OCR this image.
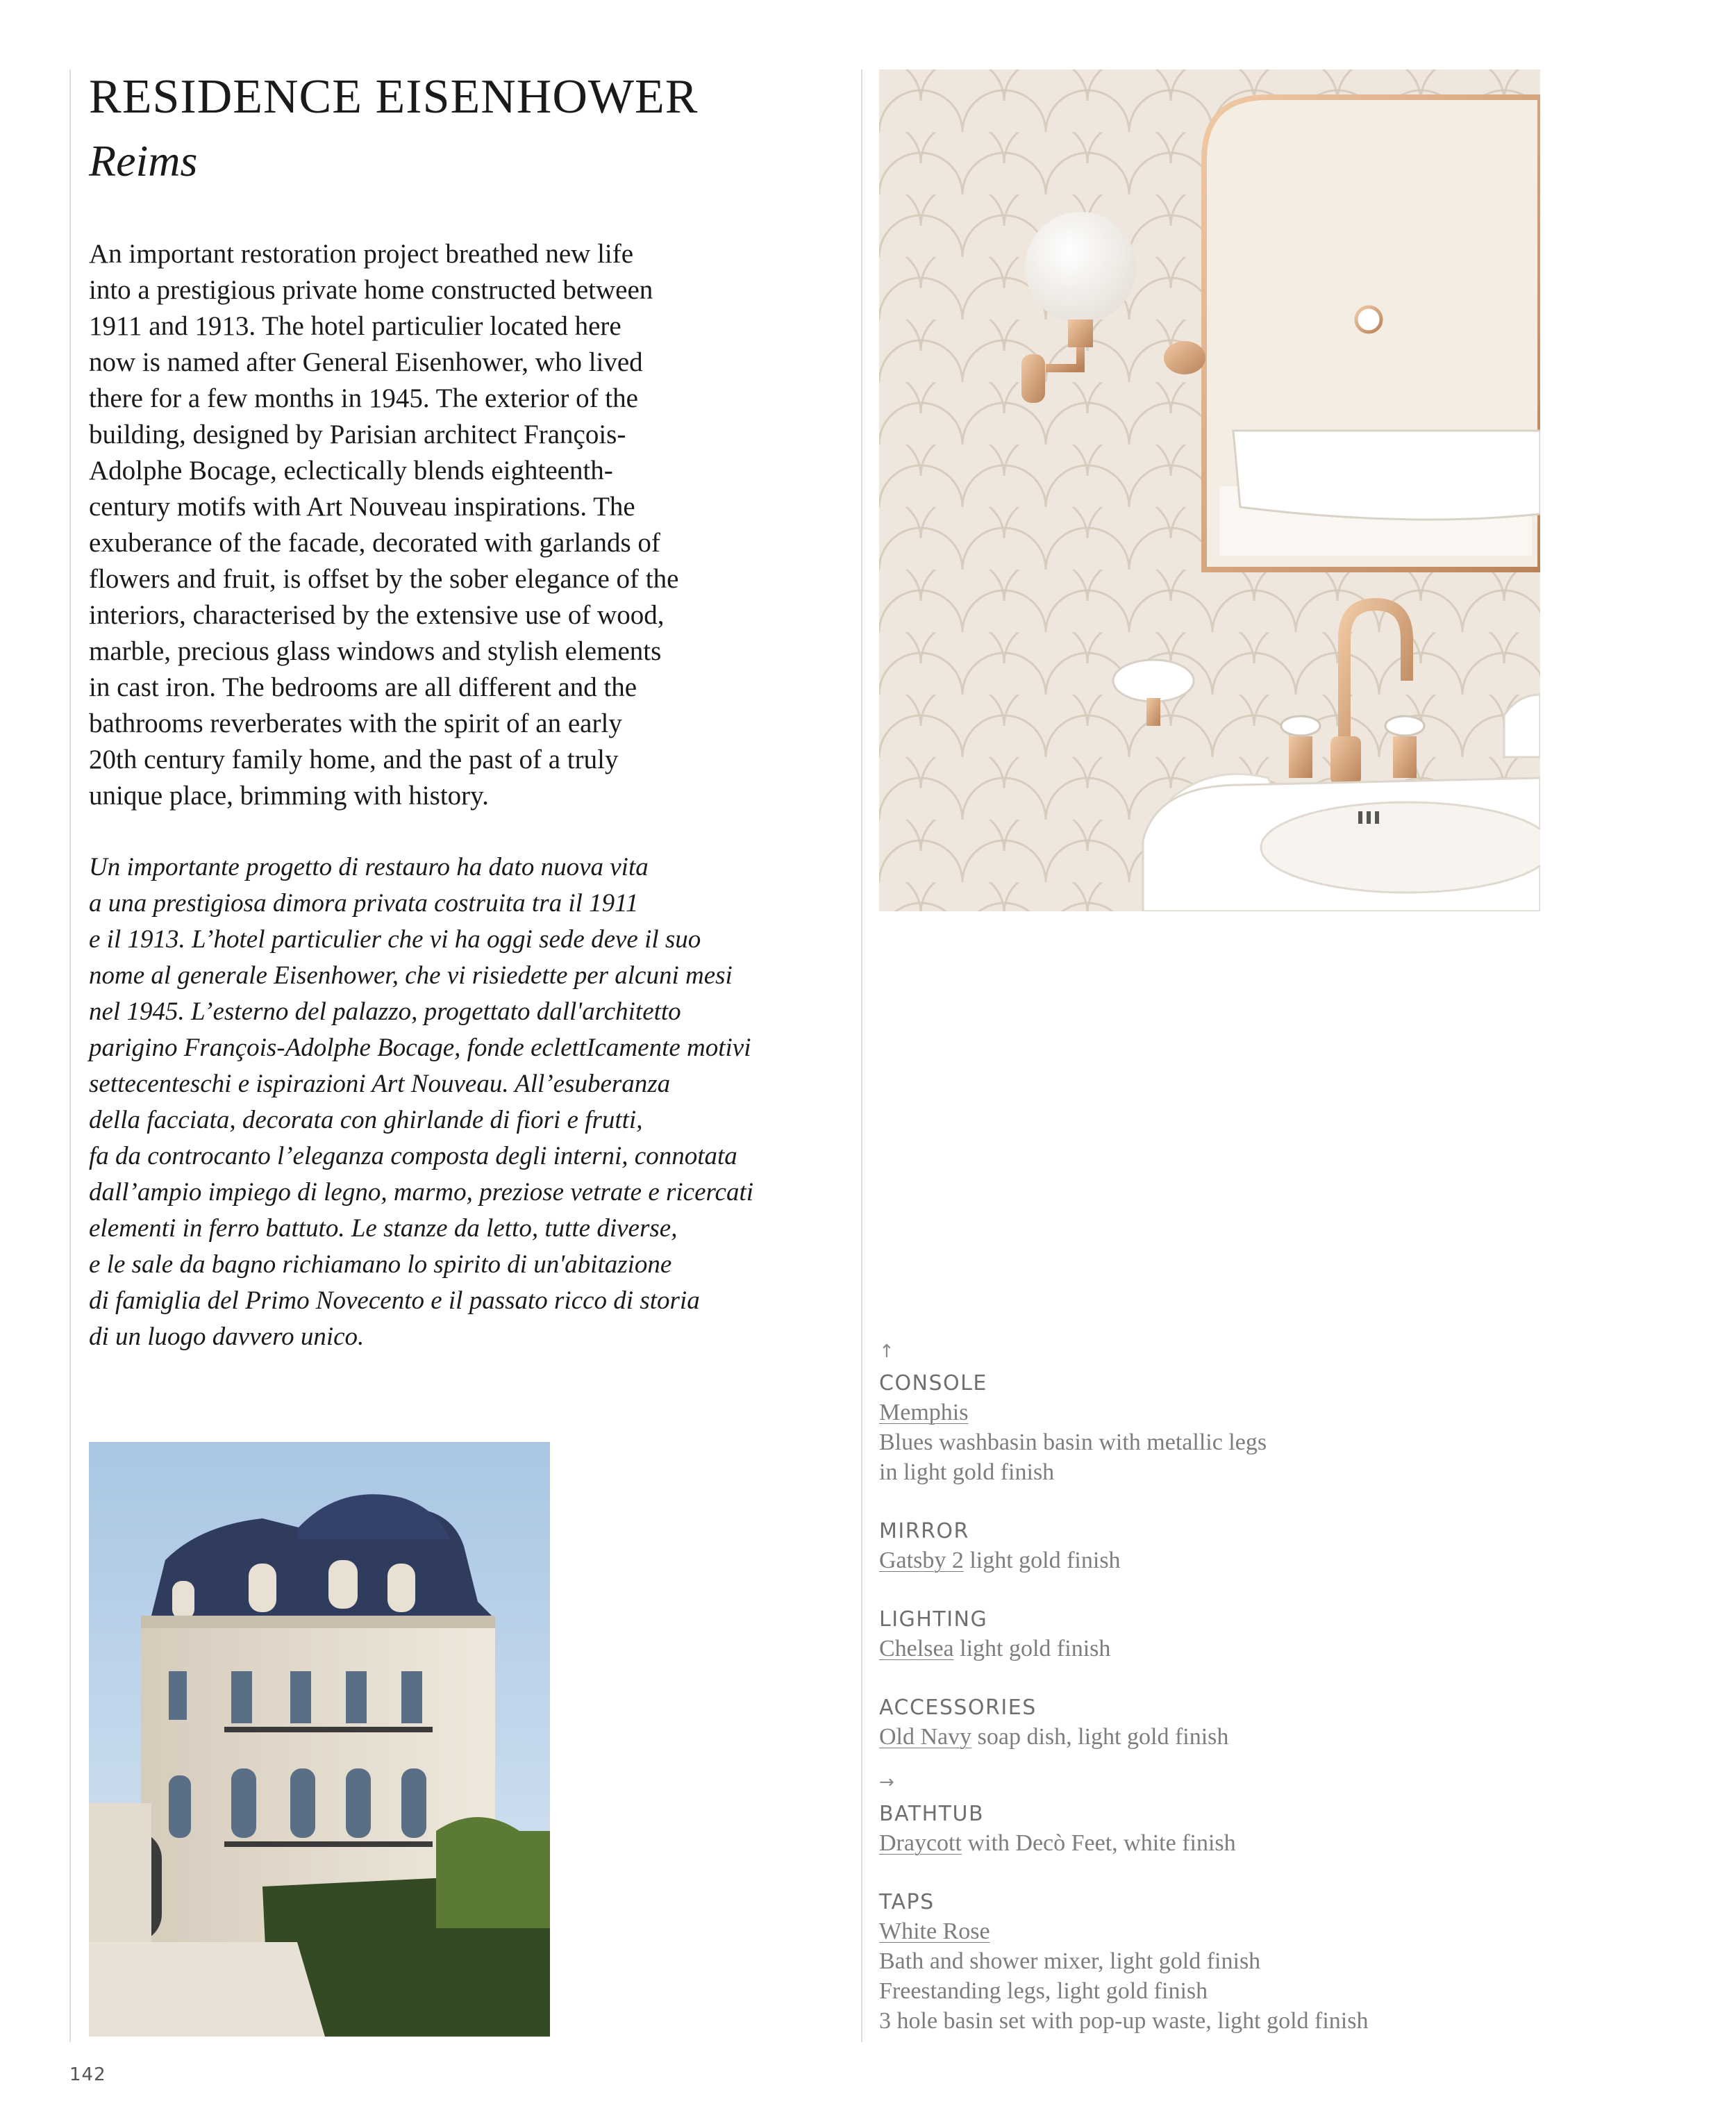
RESIDENCE EISENHOWER
Reims

An important restoration project breathed new life
into a prestigious private home constructed between
1911 and 1913. The hotel particulier located here
now is named after General Eisenhower, who lived
there for a few months in 1945. The exterior of the
building, designed by Parisian architect François-
Adolphe Bocage, eclectically blends eighteenth-
century motifs with Art Nouveau inspirations. The
exuberance of the facade, decorated with garlands of
flowers and fruit, is offset by the sober elegance of the
interiors, characterised by the extensive use of wood,
marble, precious glass windows and stylish elements
in cast iron. The bedrooms are all different and the
bathrooms reverberates with the spirit of an early
20th century family home, and the past of a truly
unique place, brimming with history.

Un importante progetto di restauro ha dato nuova vita
a una prestigiosa dimora privata costruita tra il 1911
e il 1913. L’hotel particulier che vi ha oggi sede deve il suo
nome al generale Eisenhower, che vi risiedette per alcuni mesi
nel 1945. L’esterno del palazzo, progettato dall'architetto
parigino François-Adolphe Bocage, fonde eclettIcamente motivi
settecenteschi e ispirazioni Art Nouveau. All’esuberanza
della facciata, decorata con ghirlande di fiori e frutti,
fa da controcanto l’eleganza composta degli interni, connotata
dall’ampio impiego di legno, marmo, preziose vetrate e ricercati
elementi in ferro battuto. Le stanze da letto, tutte diverse,
e le sale da bagno richiamano lo spirito di un'abitazione
di famiglia del Primo Novecento e il passato ricco di storia
di un luogo davvero unico.

↑
CONSOLE
Memphis
Blues washbasin basin with metallic legs
in light gold finish
MIRROR
Gatsby 2 light gold finish
LIGHTING
Chelsea light gold finish
ACCESSORIES
Old Navy soap dish, light gold finish
→
BATHTUB
Draycott with Decò Feet, white finish
TAPS
White Rose
Bath and shower mixer, light gold finish
Freestanding legs, light gold finish
3 hole basin set with pop-up waste, light gold finish
142
